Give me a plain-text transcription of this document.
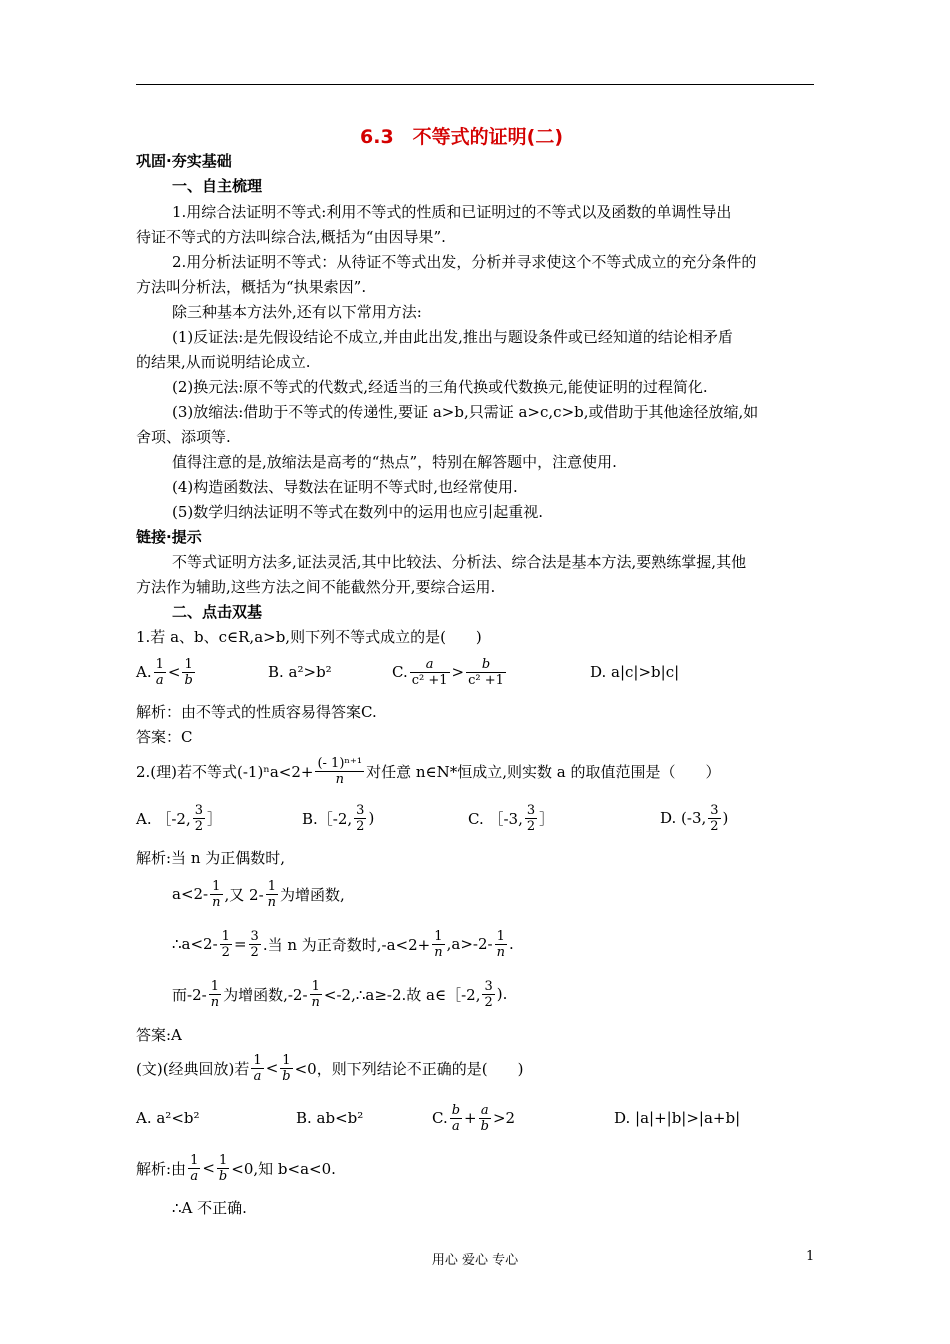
6.3　不等式的证明(二)
巩固·夯实基础
一、自主梳理
1.用综合法证明不等式:利用不等式的性质和已证明过的不等式以及函数的单调性导出
待证不等式的方法叫综合法,概括为“由因导果”.
2.用分析法证明不等式：从待证不等式出发，分析并寻求使这个不等式成立的充分条件的
方法叫分析法，概括为“执果索因”.
除三种基本方法外,还有以下常用方法:
(1)反证法:是先假设结论不成立,并由此出发,推出与题设条件或已经知道的结论相矛盾
的结果,从而说明结论成立.
(2)换元法:原不等式的代数式,经适当的三角代换或代数换元,能使证明的过程简化.
(3)放缩法:借助于不等式的传递性,要证 a>b,只需证 a>c,c>b,或借助于其他途径放缩,如
舍项、添项等.
值得注意的是,放缩法是高考的“热点”，特别在解答题中，注意使用.
(4)构造函数法、导数法在证明不等式时,也经常使用.
(5)数学归纳法证明不等式在数列中的运用也应引起重视.
链接·提示
不等式证明方法多,证法灵活,其中比较法、分析法、综合法是基本方法,要熟练掌握,其他
方法作为辅助,这些方法之间不能截然分开,要综合运用.
二、点击双基
1.若 a、b、c∈R,a>b,则下列不等式成立的是(　　)
A. $\frac{1}{a} < \frac{1}{b}$	B. a²>b²	C. $\frac{a}{\text{c² +1}} > \frac{b}{\text{c² +1}}$	D. a|c|>b|c|
解析：由不等式的性质容易得答案C.
答案：C
2.(理)若不等式$(-1)^na<2+ \frac{\text{(- 1)ⁿ⁺¹}}{n}$ 对任意 n∈N*恒成立,则实数 a 的取值范围是（　　）
A. ［-2, $\frac{3}{2}$ ］	B.［-2, $\frac{3}{2}$ )	C. ［-3, $\frac{3}{2}$ ］	D. (-3, $\frac{3}{2}$ )
解析:当 n 为正偶数时,
$a<2- \frac{1}{n}$ ,又 $2- \frac{1}{n}$ 为增函数,
∴a<2- $\frac{1}{2} = \frac{3}{2}$ .当 n 为正奇数时$,-a<2+ \frac{1}{n} ,a>-2- \frac{1}{n}$ .
而$-2- \frac{1}{n}$ 为增函数$,-2- \frac{1}{n}$ <-2,∴a≥-2.故 a∈［-2, $\frac{3}{2}$ ).
答案:A
(文)(经典回放)若 $\frac{1}{a} < \frac{1}{b} <0$，则下列结论不正确的是(　　)
A. a²<b²	B. ab<b²	C. $\frac{b}{a} + \frac{a}{b} >2$	D. |a|+|b|>|a+b|
解析:由 $\frac{1}{a} < \frac{1}{b} <0$,知 b<a<0.
∴A 不正确.
用心 爱心 专心	1
